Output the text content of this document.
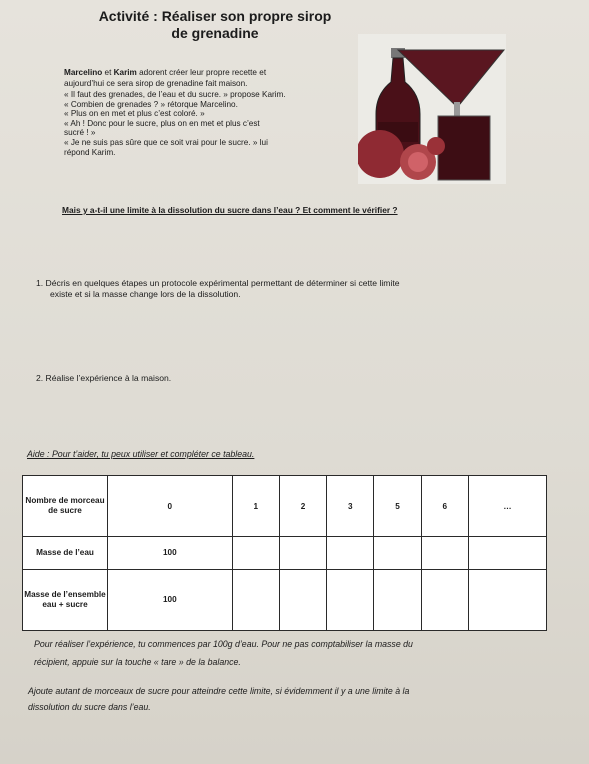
Activité : Réaliser son propre sirop
de grenadine

Marcelino et Karim adorent créer leur propre recette et

aujourd’hui ce sera sirop de grenadine fait maison.

« Il faut des grenades, de l’eau et du sucre. » propose Karim.

« Combien de grenades ? » rétorque Marcelino.

« Plus on en met et plus c’est coloré. »

« Ah ! Donc pour le sucre, plus on en met et plus c’est

sucré ! »

« Je ne suis pas sûre que ce soit vrai pour le sucre. » lui

répond Karim.

Mais y a-t-il une limite à la dissolution du sucre dans l’eau ? Et comment le vérifier ?
1. Décris en quelques étapes un protocole expérimental permettant de déterminer si cette limite
existe et si la masse change lors de la dissolution.
2. Réalise l’expérience à la maison.
Aide : Pour t’aider, tu peux utiliser et compléter ce tableau.
Nombre de morceau de sucre	0	1	2	3	5	6	…
Masse de l’eau	100						
Masse de l’ensemble eau + sucre	100						
Pour réaliser l’expérience, tu commences par 100g d’eau. Pour ne pas comptabiliser la masse du
récipient, appuie sur la touche « tare » de la balance.
Ajoute autant de morceaux de sucre pour atteindre cette limite, si évidemment il y a une limite à la
dissolution du sucre dans l’eau.
